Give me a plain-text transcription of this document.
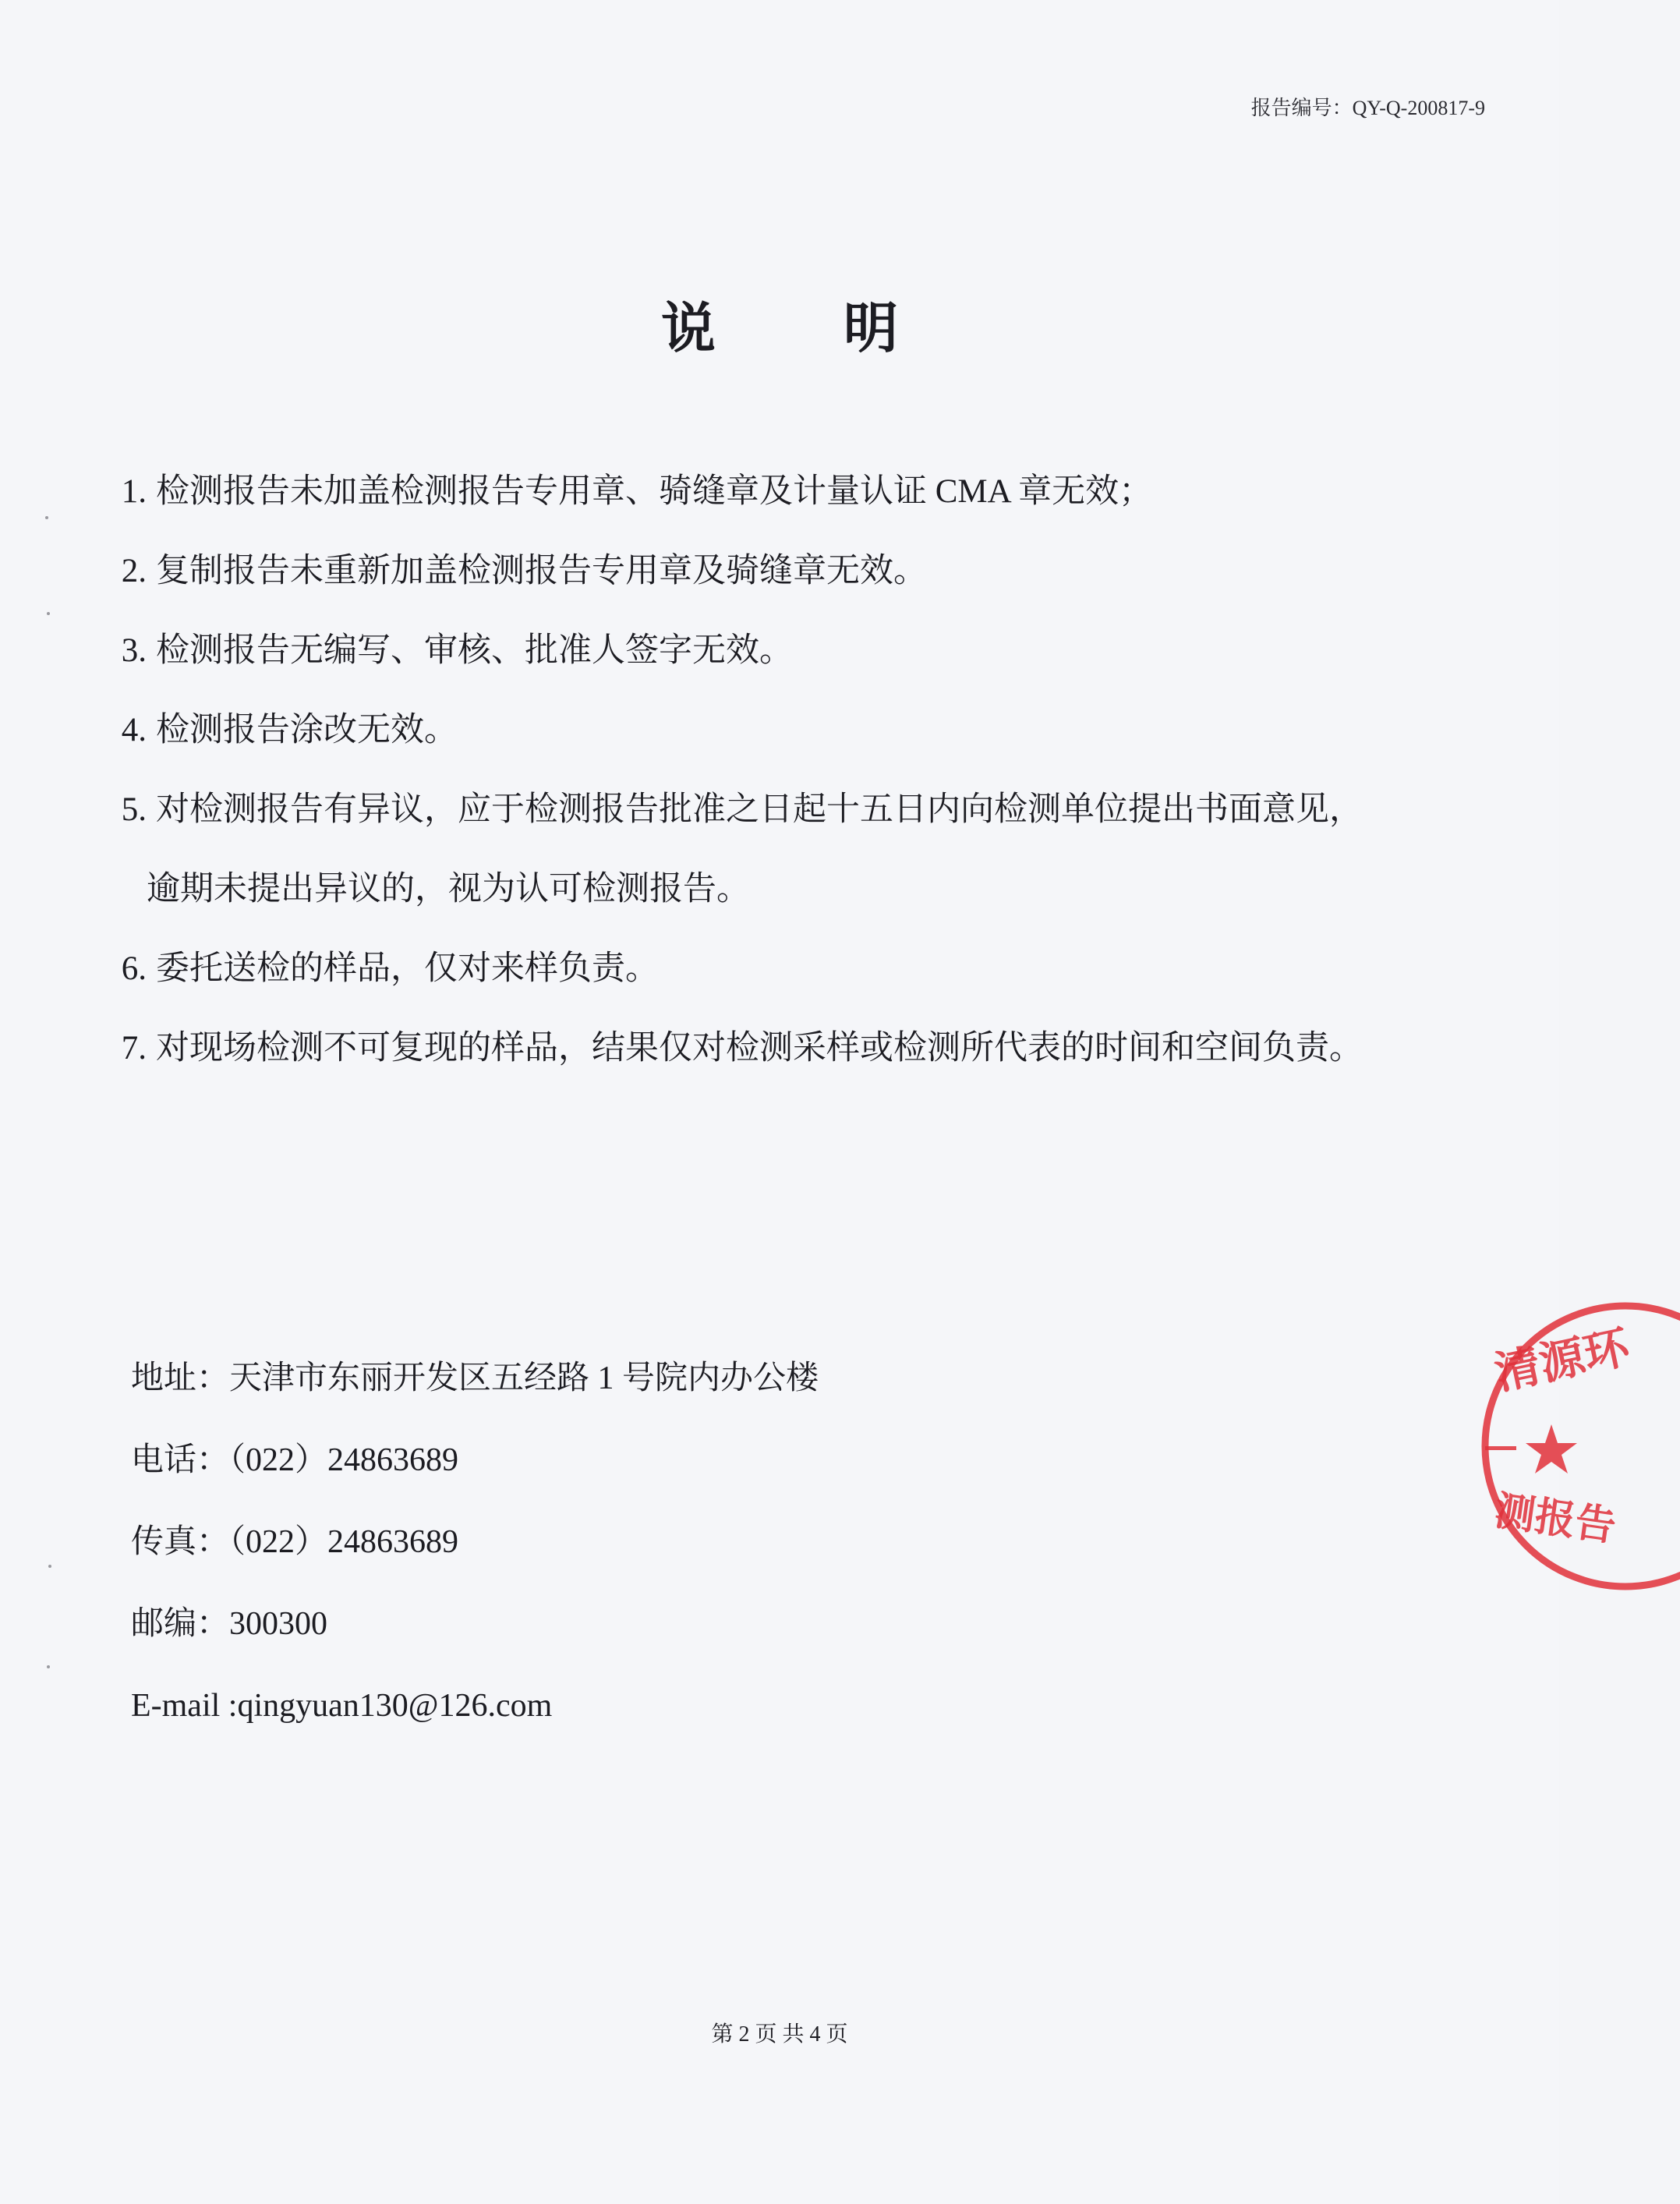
报告编号：QY-Q-200817-9
说 明
1. 检测报告未加盖检测报告专用章、骑缝章及计量认证 CMA 章无效；
2. 复制报告未重新加盖检测报告专用章及骑缝章无效。
3. 检测报告无编写、审核、批准人签字无效。
4. 检测报告涂改无效。
5. 对检测报告有异议，应于检测报告批准之日起十五日内向检测单位提出书面意见，
逾期未提出异议的，视为认可检测报告。
6. 委托送检的样品，仅对来样负责。
7. 对现场检测不可复现的样品，结果仅对检测采样或检测所代表的时间和空间负责。
地址：天津市东丽开发区五经路 1 号院内办公楼
电话：（022）24863689
传真：（022）24863689
邮编：300300
E-mail :qingyuan130@126.com
第 2 页 共 4 页
清源环
测报告
